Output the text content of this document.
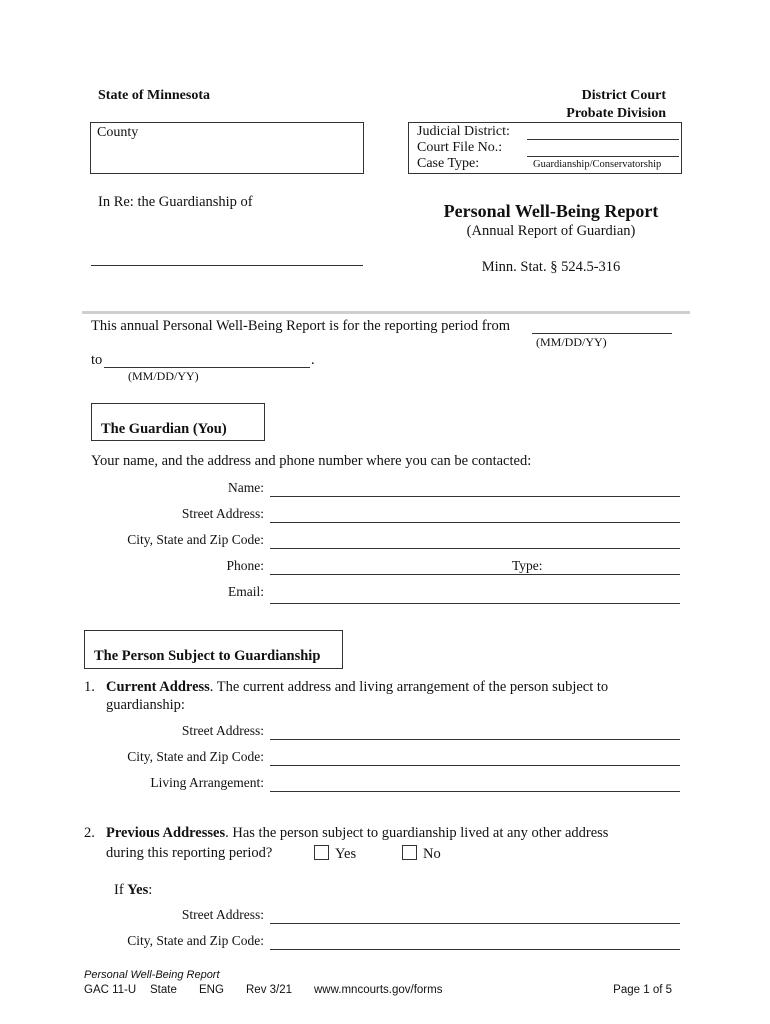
State of Minnesota	District Court
Probate Division
County	Judicial District:
Court File No.:
Case Type:	Guardianship/Conservatorship
In Re: the Guardianship of	Personal Well-Being Report
(Annual Report of Guardian)
Minn. Stat. § 524.5-316
This annual Personal Well-Being Report is for the reporting period from
(MM/DD/YY)
to	.
(MM/DD/YY)
The Guardian (You)
Your name, and the address and phone number where you can be contacted:
Name:
Street Address:
City, State and Zip Code:
Phone:	Type:
Email:
The Person Subject to Guardianship
1. Current Address. The current address and living arrangement of the person subject to
guardianship:
Street Address:
City, State and Zip Code:
Living Arrangement:
2. Previous Addresses. Has the person subject to guardianship lived at any other address
during this reporting period?	Yes	No
If Yes:
Street Address:
City, State and Zip Code:
Personal Well-Being Report
GAC 11-U State ENG Rev 3/21 www.mncourts.gov/forms	Page 1 of 5
